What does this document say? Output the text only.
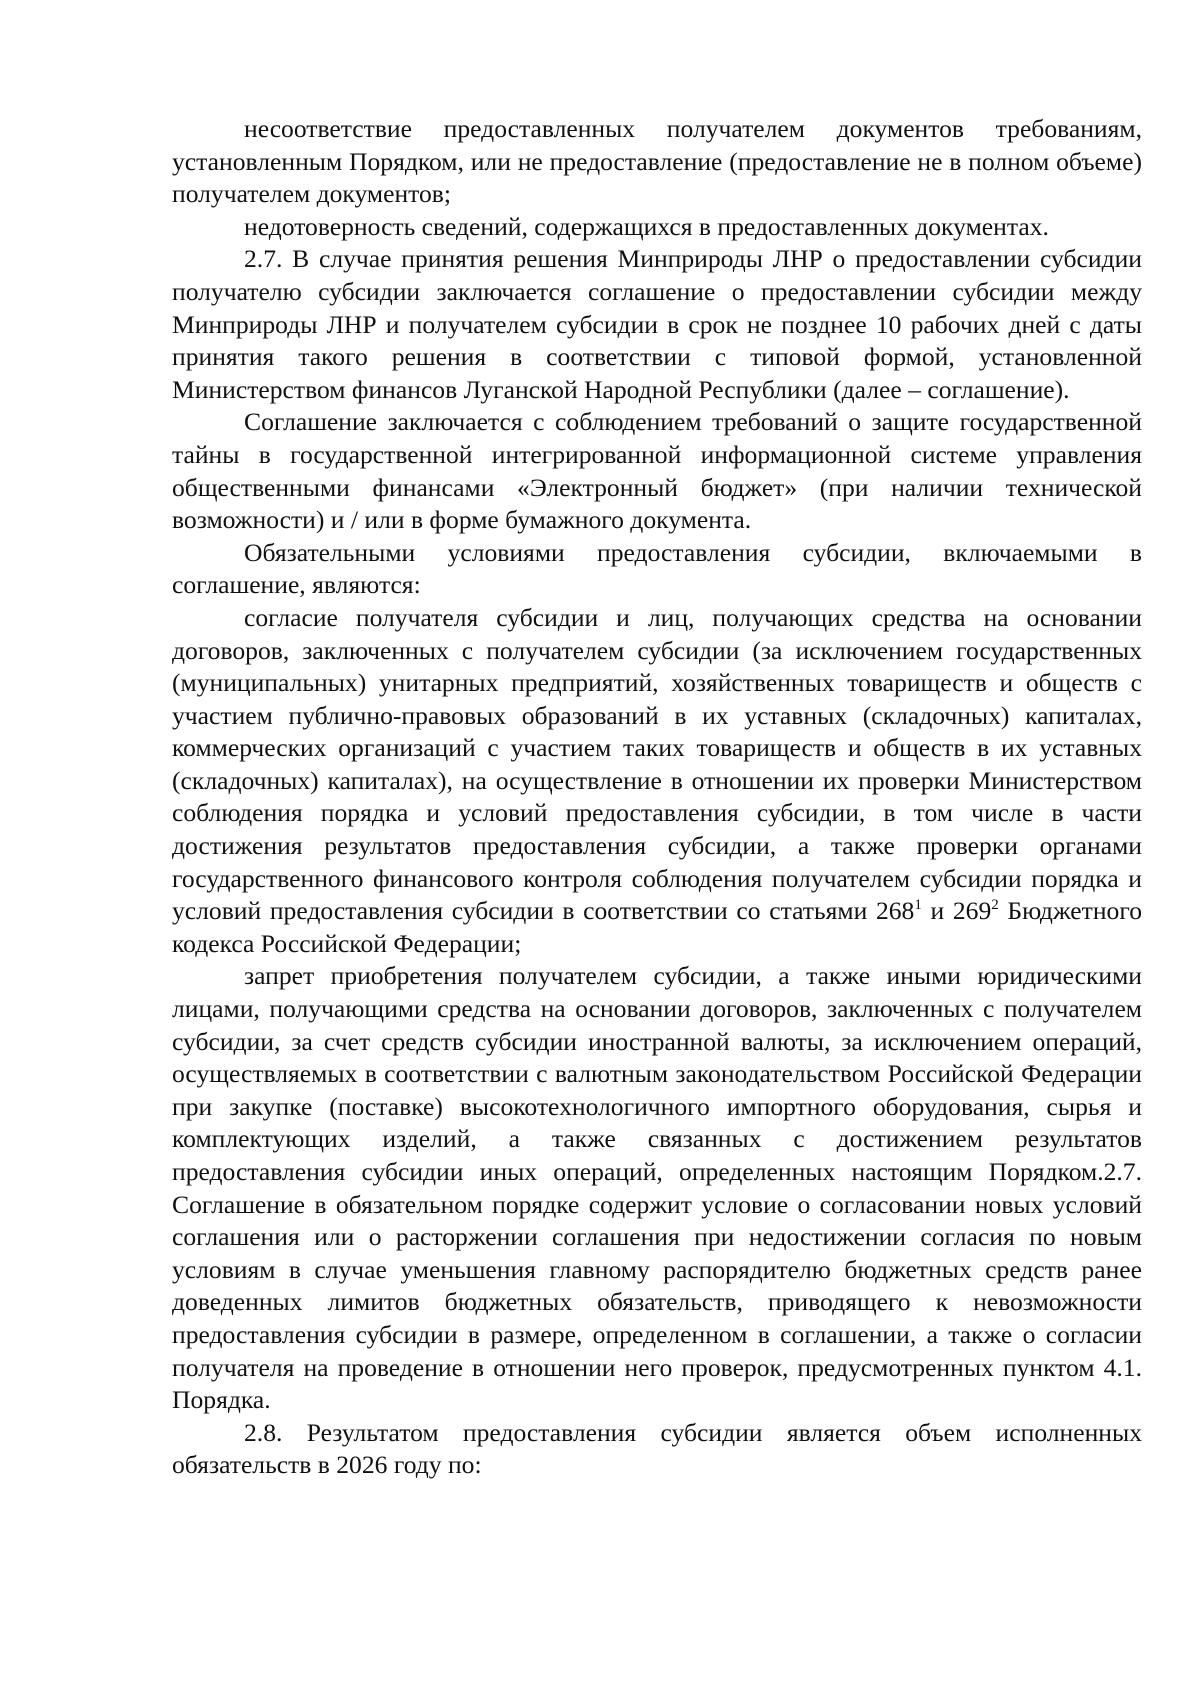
несоответствие предоставленных получателем документов требованиям, установленным Порядком, или не предоставление (предоставление не в полном объеме) получателем документов;

недотоверность сведений, содержащихся в предоставленных документах.

2.7. В случае принятия решения Минприроды ЛНР о предоставлении субсидии получателю субсидии заключается соглашение о предоставлении субсидии между Минприроды ЛНР и получателем субсидии в срок не позднее 10 рабочих дней с даты принятия такого решения в соответствии с типовой формой, установленной Министерством финансов Луганской Народной Республики (далее – соглашение).

Соглашение заключается с соблюдением требований о защите государственной тайны в государственной интегрированной информационной системе управления общественными финансами «Электронный бюджет» (при наличии технической возможности) и / или в форме бумажного документа.

Обязательными условиями предоставления субсидии, включаемыми в соглашение, являются:

согласие получателя субсидии и лиц, получающих средства на основании договоров, заключенных с получателем субсидии (за исключением государственных (муниципальных) унитарных предприятий, хозяйственных товариществ и обществ с участием публично-правовых образований в их уставных (складочных) капиталах, коммерческих организаций с участием таких товариществ и обществ в их уставных (складочных) капиталах), на осуществление в отношении их проверки Министерством соблюдения порядка и условий предоставления субсидии, в том числе в части достижения результатов предоставления субсидии, а также проверки органами государственного финансового контроля соблюдения получателем субсидии порядка и условий предоставления субсидии в соответствии со статьями $268^1$ и $269^2$ Бюджетного кодекса Российской Федерации;

запрет приобретения получателем субсидии, а также иными юридическими лицами, получающими средства на основании договоров, заключенных с получателем субсидии, за счет средств субсидии иностранной валюты, за исключением операций, осуществляемых в соответствии с валютным законодательством Российской Федерации при закупке (поставке) высокотехнологичного импортного оборудования, сырья и комплектующих изделий, а также связанных с достижением результатов предоставления субсидии иных операций, определенных настоящим Порядком.2.7. Соглашение в обязательном порядке содержит условие о согласовании новых условий соглашения или о расторжении соглашения при недостижении согласия по новым условиям в случае уменьшения главному распорядителю бюджетных средств ранее доведенных лимитов бюджетных обязательств, приводящего к невозможности предоставления субсидии в размере, определенном в соглашении, а также о согласии получателя на проведение в отношении него проверок, предусмотренных пунктом 4.1. Порядка.

2.8. Результатом предоставления субсидии является объем исполненных обязательств в 2026 году по:
